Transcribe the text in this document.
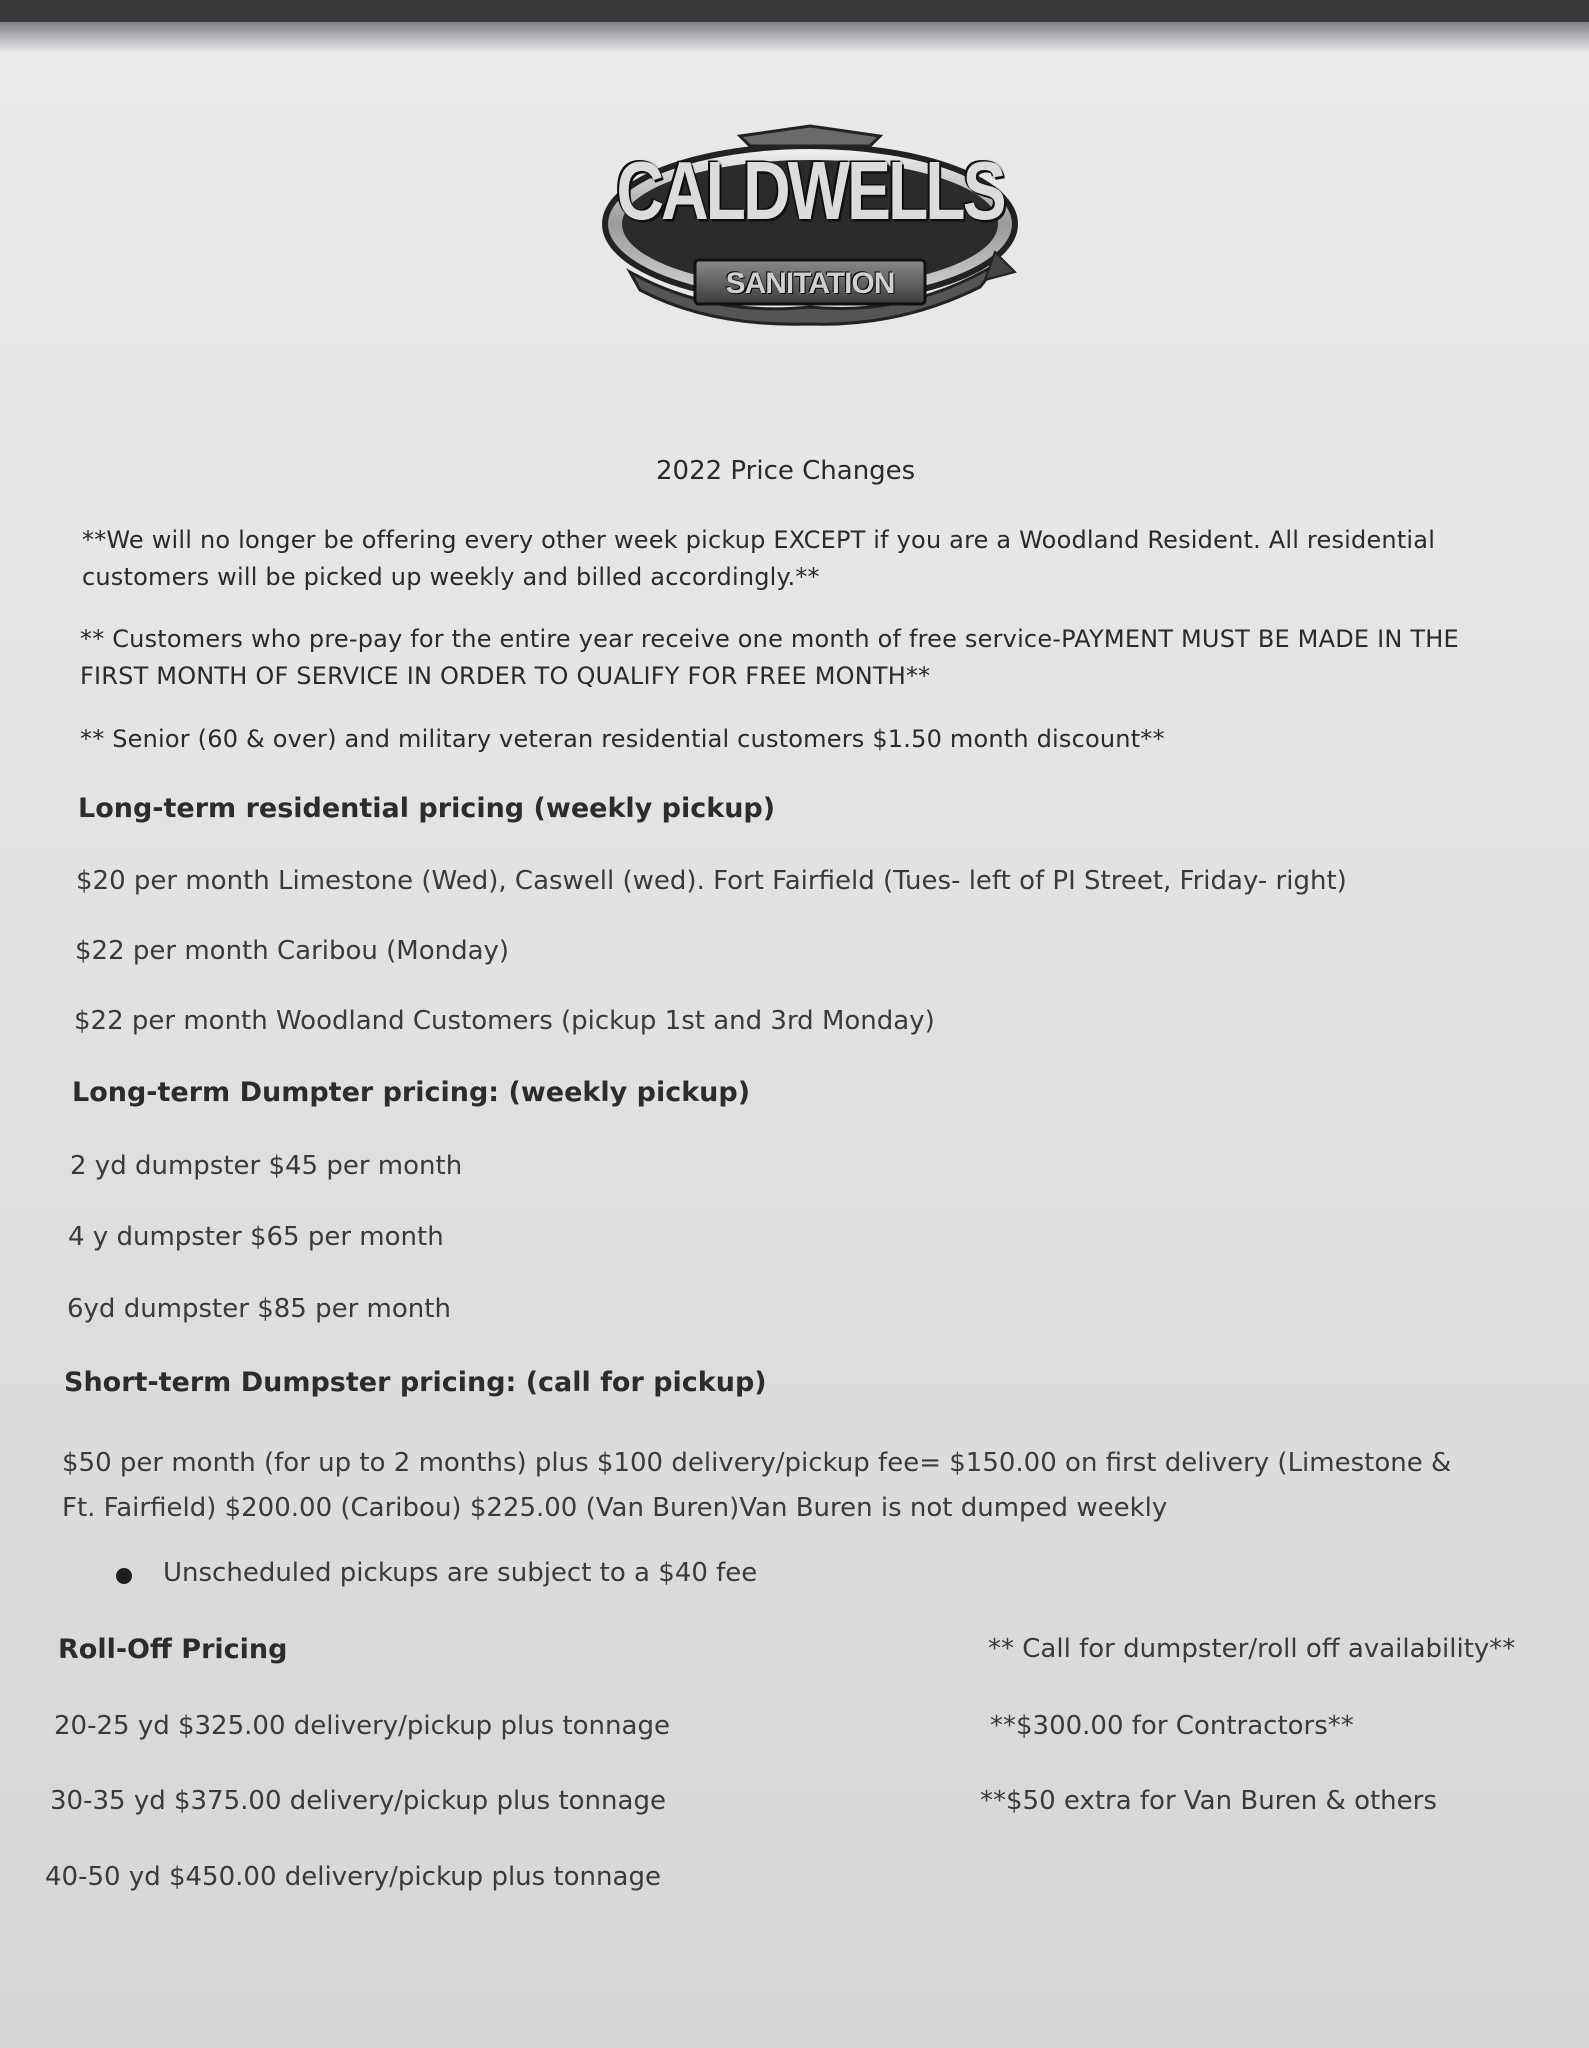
CALDWELLS
SANITATION

2022 Price Changes

**We will no longer be offering every other week pickup EXCEPT if you are a Woodland Resident. All residential customers will be picked up weekly and billed accordingly.**

** Customers who pre-pay for the entire year receive one month of free service-PAYMENT MUST BE MADE IN THE FIRST MONTH OF SERVICE IN ORDER TO QUALIFY FOR FREE MONTH**

** Senior (60 & over) and military veteran residential customers $1.50 month discount**

Long-term residential pricing (weekly pickup)

$20 per month Limestone (Wed), Caswell (wed). Fort Fairfield (Tues- left of PI Street, Friday- right)

$22 per month Caribou (Monday)

$22 per month Woodland Customers (pickup 1st and 3rd Monday)

Long-term Dumpter pricing: (weekly pickup)

2 yd dumpster $45 per month

4 y dumpster $65 per month

6yd dumpster $85 per month

Short-term Dumpster pricing: (call for pickup)

$50 per month (for up to 2 months) plus $100 delivery/pickup fee= $150.00 on first delivery (Limestone & Ft. Fairfield) $200.00 (Caribou) $225.00 (Van Buren)Van Buren is not dumped weekly

Unscheduled pickups are subject to a $40 fee

Roll-Off Pricing

20-25 yd $325.00 delivery/pickup plus tonnage

30-35 yd $375.00 delivery/pickup plus tonnage

40-50 yd $450.00 delivery/pickup plus tonnage

** Call for dumpster/roll off availability**

**$300.00 for Contractors**

**$50 extra for Van Buren & others
